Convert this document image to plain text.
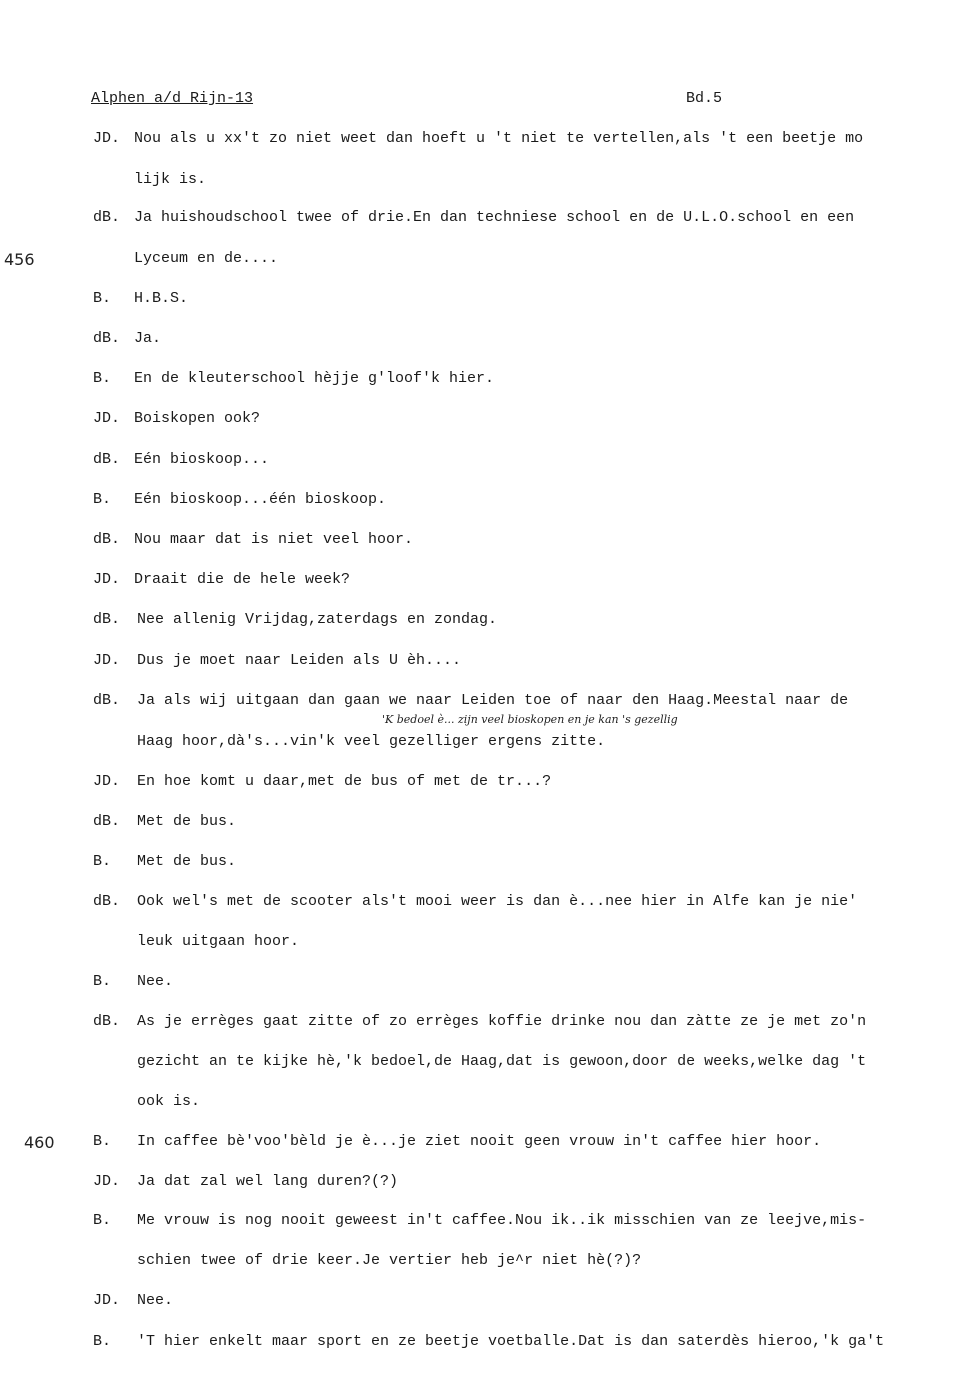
Alphen a/d Rijn-13	Bd.5
456
460
'K bedoel è... zijn veel bioskopen en je kan 's gezellig
JD. Nou als u xx't zo niet weet dan hoeft u 't niet te vertellen,als 't een beetje mo
lijk is.
dB. Ja huishoudschool twee of drie.En dan techniese school en de U.L.O.school en een
Lyceum en de....
B. H.B.S.
dB. Ja.
B. En de kleuterschool hèjje g'loof'k hier.
JD. Boiskopen ook?
dB. Eén bioskoop...
B. Eén bioskoop...één bioskoop.
dB. Nou maar dat is niet veel hoor.
JD. Draait die de hele week?
dB. Nee allenig Vrijdag,zaterdags en zondag.
JD. Dus je moet naar Leiden als U èh....
dB. Ja als wij uitgaan dan gaan we naar Leiden toe of naar den Haag.Meestal naar de
Haag hoor,dà's...vin'k veel gezelliger ergens zitte.
JD. En hoe komt u daar,met de bus of met de tr...?
dB. Met de bus.
B. Met de bus.
dB. Ook wel's met de scooter als't mooi weer is dan è...nee hier in Alfe kan je nie'
leuk uitgaan hoor.
B. Nee.
dB. As je errèges gaat zitte of zo errèges koffie drinke nou dan zàtte ze je met zo'n
gezicht an te kijke hè,'k bedoel,de Haag,dat is gewoon,door de weeks,welke dag 't
ook is.
B. In caffee bè'voo'bèld je è...je ziet nooit geen vrouw in't caffee hier hoor.
JD. Ja dat zal wel lang duren?(?)
B. Me vrouw is nog nooit geweest in't caffee.Nou ik..ik misschien van ze leejve,mis-
schien twee of drie keer.Je vertier heb je^r niet hè(?)?
JD. Nee.
B. 'T hier enkelt maar sport en ze beetje voetballe.Dat is dan saterdès hieroo,'k ga't
